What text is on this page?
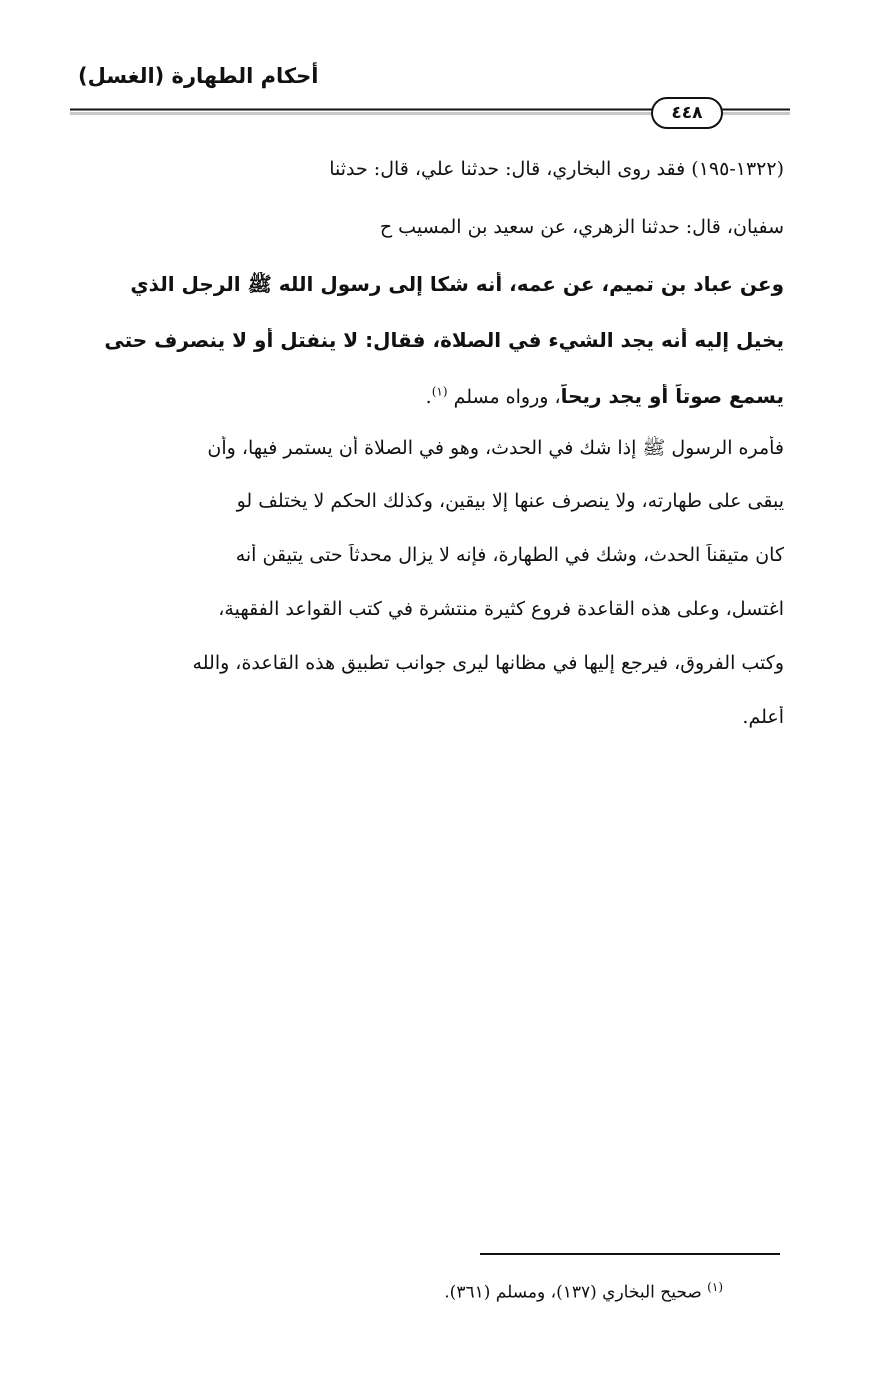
أحكام الطهارة (الغسل)
٤٤٨
(١٣٢٢-١٩٥) فقد روى البخاري، قال: حدثنا علي، قال: حدثنا
سفيان، قال: حدثنا الزهري، عن سعيد بن المسيب ح
وعن عباد بن تميم، عن عمه، أنه شكا إلى رسول الله ﷺ الرجل الذي
يخيل إليه أنه يجد الشيء في الصلاة، فقال: لا ينفتل أو لا ينصرف حتى
يسمع صوتاً أو يجد ريحاً، ورواه مسلم $^{(١)}$.
فأمره الرسول ﷺ إذا شك في الحدث، وهو في الصلاة أن يستمر فيها، وأن
يبقى على طهارته، ولا ينصرف عنها إلا بيقين، وكذلك الحكم لا يختلف لو
كان متيقناً الحدث، وشك في الطهارة، فإنه لا يزال محدثاً حتى يتيقن أنه
اغتسل، وعلى هذه القاعدة فروع كثيرة منتشرة في كتب القواعد الفقهية،
وكتب الفروق، فيرجع إليها في مظانها ليرى جوانب تطبيق هذه القاعدة، والله
أعلم.
$^{(١)}$ صحيح البخاري (١٣٧)، ومسلم (٣٦١).
